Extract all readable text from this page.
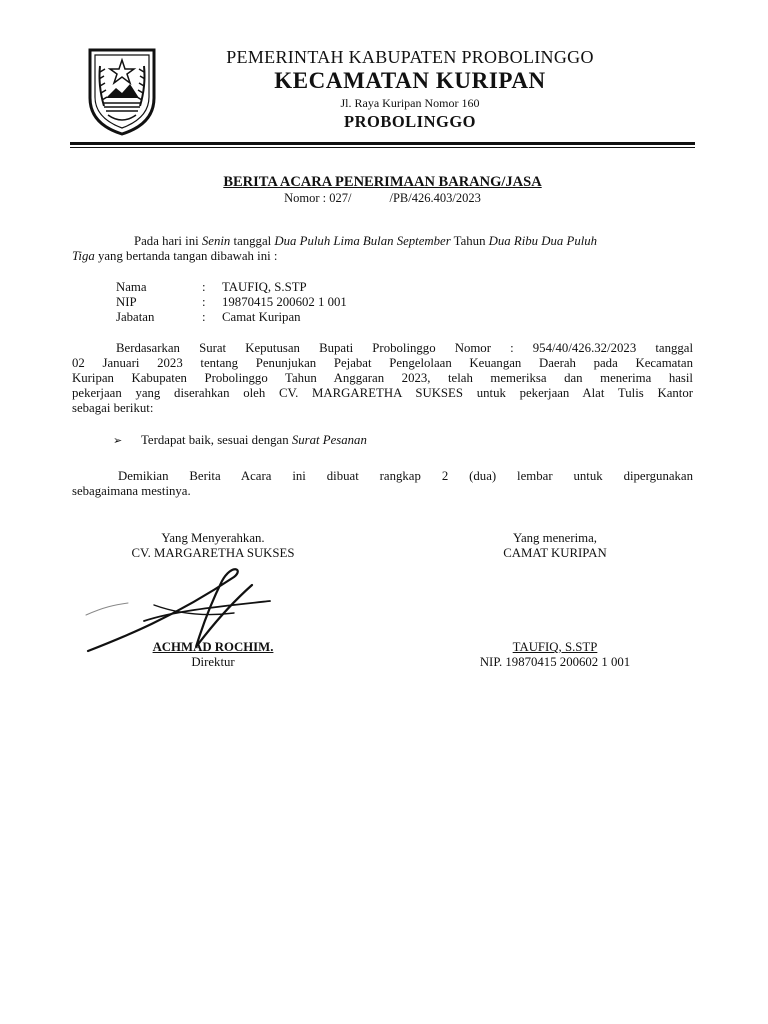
PEMERINTAH KABUPATEN PROBOLINGGO
KECAMATAN KURIPAN
Jl. Raya Kuripan Nomor 160
PROBOLINGGO
BERITA ACARA PENERIMAAN BARANG/JASA
Nomor : 027/	/PB/426.403/2023
Pada hari ini Senin tanggal Dua Puluh Lima Bulan September Tahun Dua Ribu Dua Puluh
Tiga yang bertanda tangan dibawah ini :
Nama	: TAUFIQ, S.STP
NIP	: 19870415 200602 1 001
Jabatan	: Camat Kuripan
Berdasarkan Surat Keputusan Bupati Probolinggo Nomor : 954/40/426.32/2023 tanggal
02 Januari 2023 tentang Penunjukan Pejabat Pengelolaan Keuangan Daerah pada Kecamatan
Kuripan Kabupaten Probolinggo Tahun Anggaran 2023, telah memeriksa dan menerima hasil
pekerjaan yang diserahkan oleh CV. MARGARETHA SUKSES untuk pekerjaan Alat Tulis Kantor
sebagai berikut:
➢ Terdapat baik, sesuai dengan Surat Pesanan
Demikian Berita Acara ini dibuat rangkap 2 (dua) lembar untuk dipergunakan
sebagaimana mestinya.
Yang Menyerahkan.
CV. MARGARETHA SUKSES
ACHMAD ROCHIM.
Direktur
Yang menerima,
CAMAT KURIPAN
TAUFIQ, S.STP
NIP. 19870415 200602 1 001
